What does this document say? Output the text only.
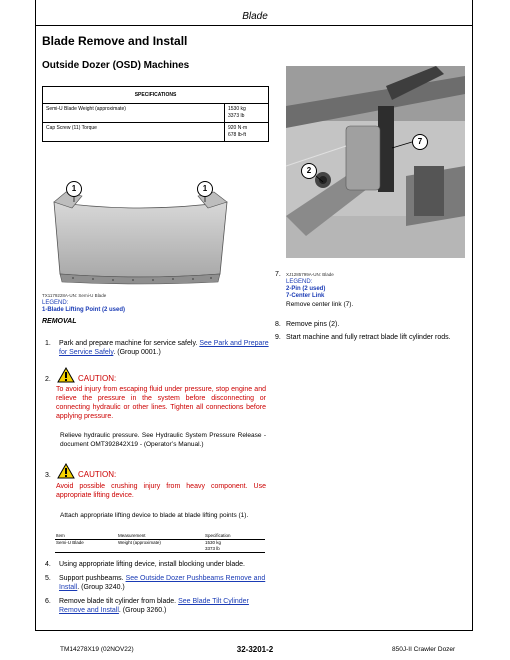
Blade
Blade Remove and Install
Outside Dozer (OSD) Machines
SPECIFICATIONS	
Semi-U Blade Weight (approximate)	1530 kg
3373 lb

Cap Screw (11) Torque	920 N·m
678 lb-ft
1	1
TX1179228A-UN: Semi-U Blade
LEGEND:
1-Blade Lifting Point (2 used)
REMOVAL
2
7
7. XJ1285799A-UN: Blade
LEGEND:
2-Pin (2 used)
7-Center Link
Remove center link (7).
8. Remove pins (2).
9. Start machine and fully retract blade lift cylinder rods.
1. Park and prepare machine for service safely. See Park and Prepare for Service Safely. (Group 0001.)
2.	CAUTION:
To avoid injury from escaping fluid under pressure, stop engine and relieve the pressure in the system before disconnecting or connecting hydraulic or other lines. Tighten all connections before applying pressure.
Relieve hydraulic pressure. See Hydraulic System Pressure Release - document OMT392842X19 - (Operator’s Manual.)
3.	CAUTION:
Avoid possible crushing injury from heavy component. Use appropriate lifting device.
Attach appropriate lifting device to blade at blade lifting points (1).
Item	Measurement	Specification
Semi-U Blade	Weight (approximate)	1530 kg
3373 lb
4. Using appropriate lifting device, install blocking under blade.
5. Support pushbeams. See Outside Dozer Pushbeams Remove and Install. (Group 3240.)
6. Remove blade tilt cylinder from blade. See Blade Tilt Cylinder Remove and Install. (Group 3260.)
TM14278X19 (02NOV22)	32-3201-2	850J-II Crawler Dozer
